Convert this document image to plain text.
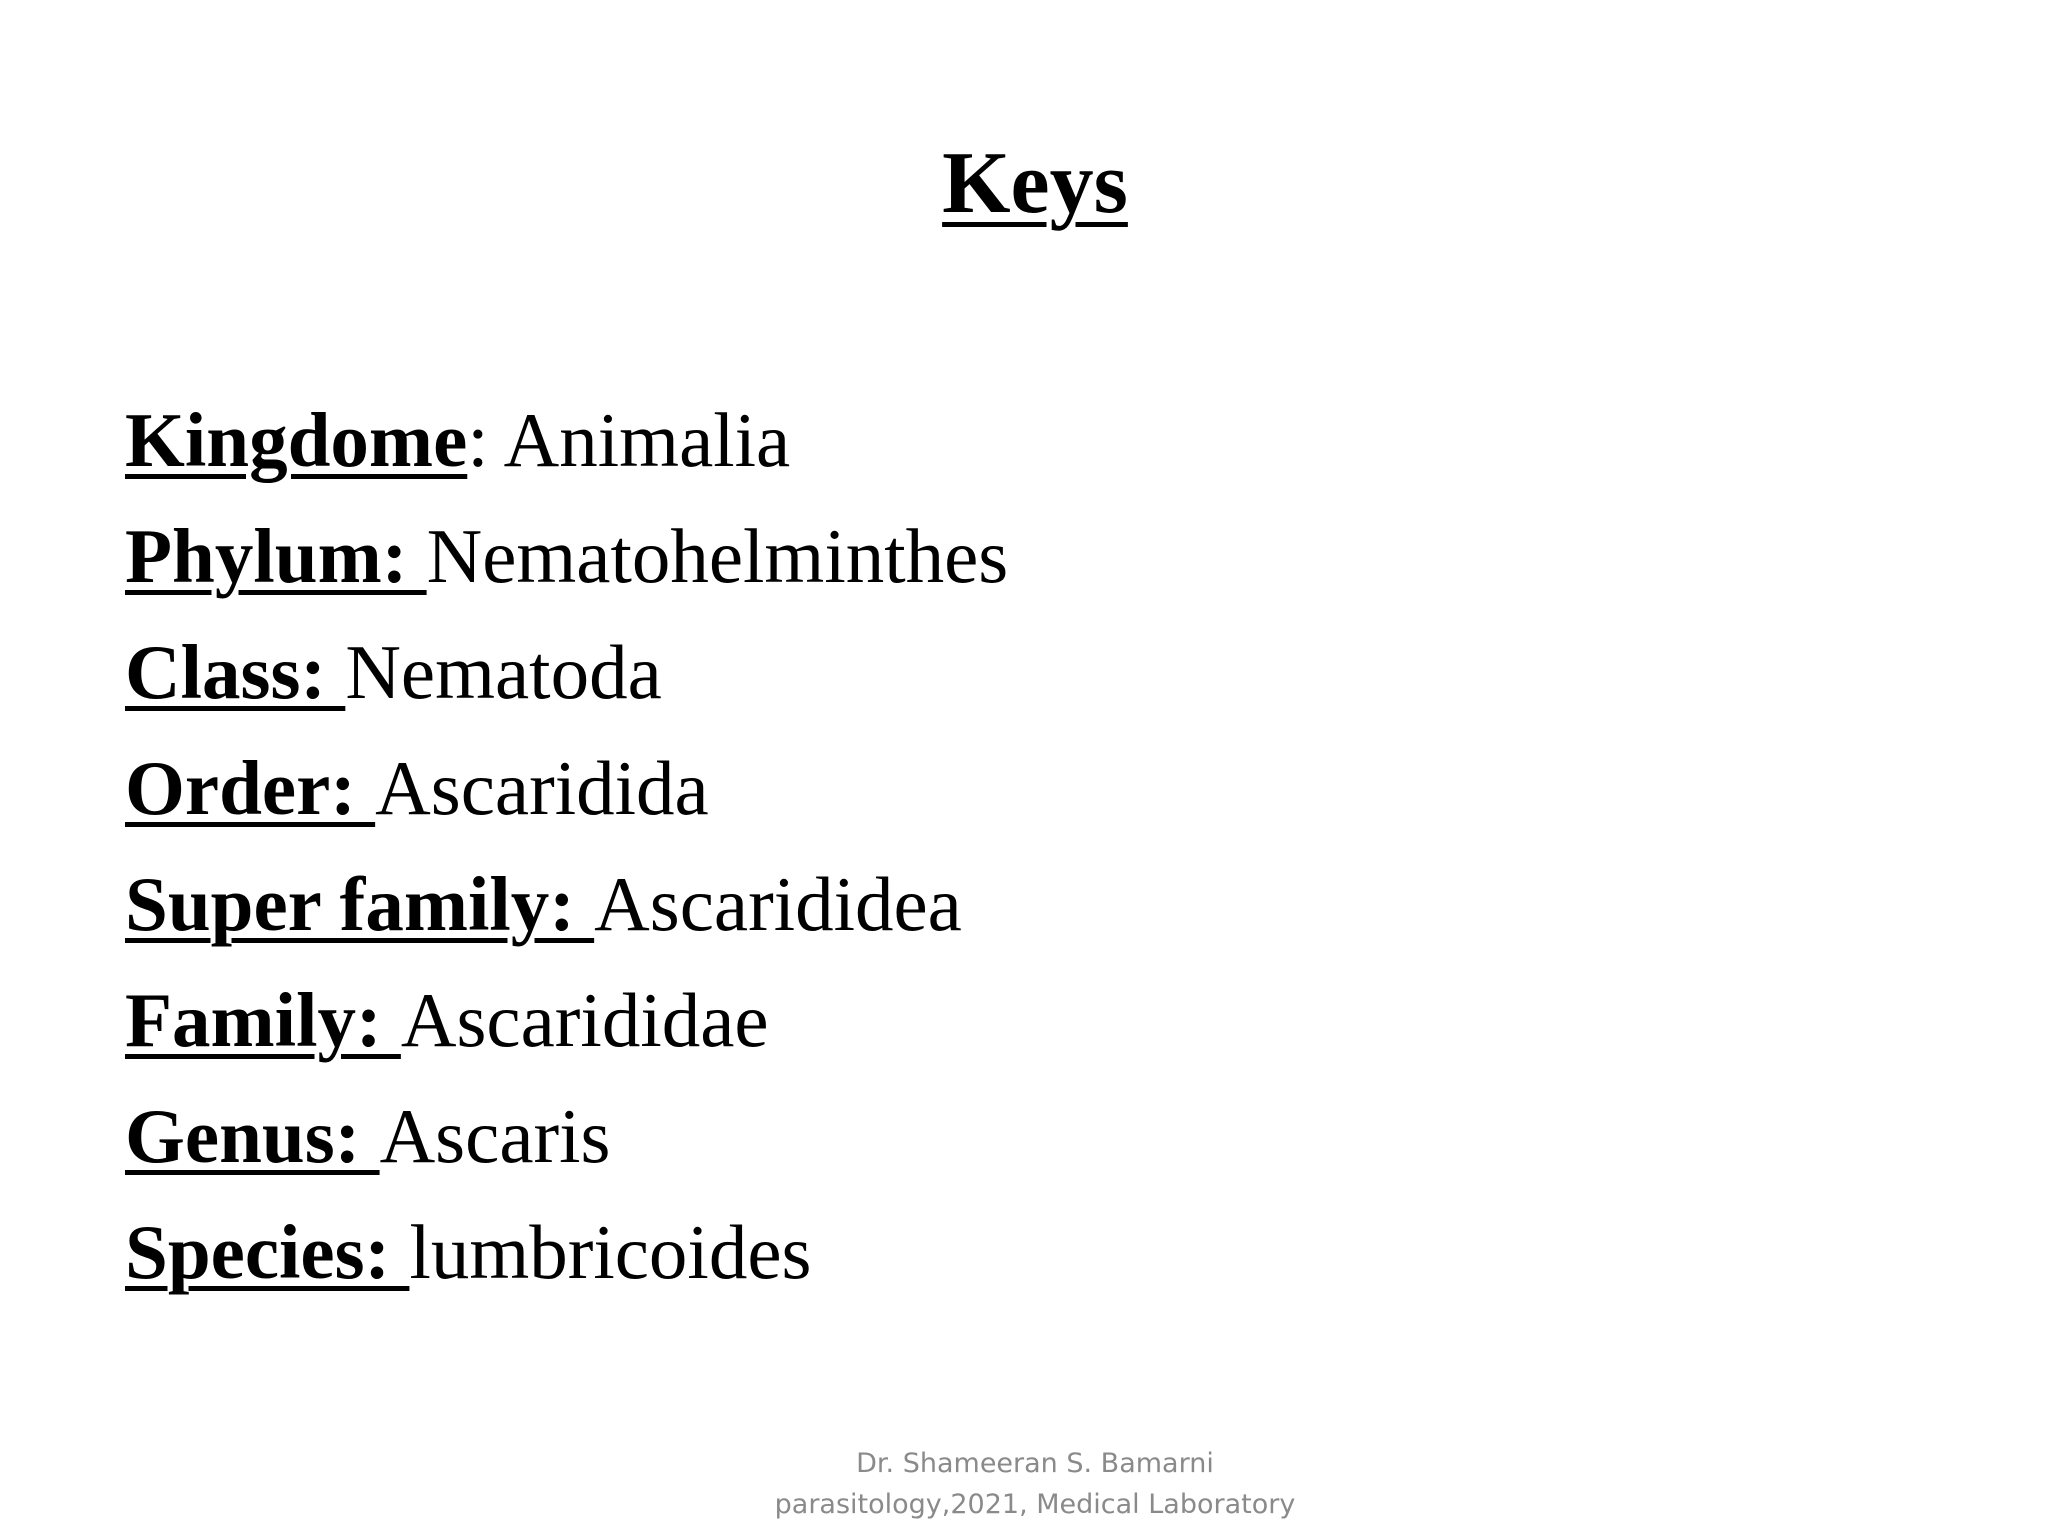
Keys
Kingdome: Animalia
Phylum: Nematohelminthes
Class: Nematoda
Order: Ascaridida
Super family: Ascarididea
Family: Ascarididae
Genus: Ascaris
Species: lumbricoides
Dr. Shameeran S. Bamarni
parasitology,2021, Medical Laboratory
